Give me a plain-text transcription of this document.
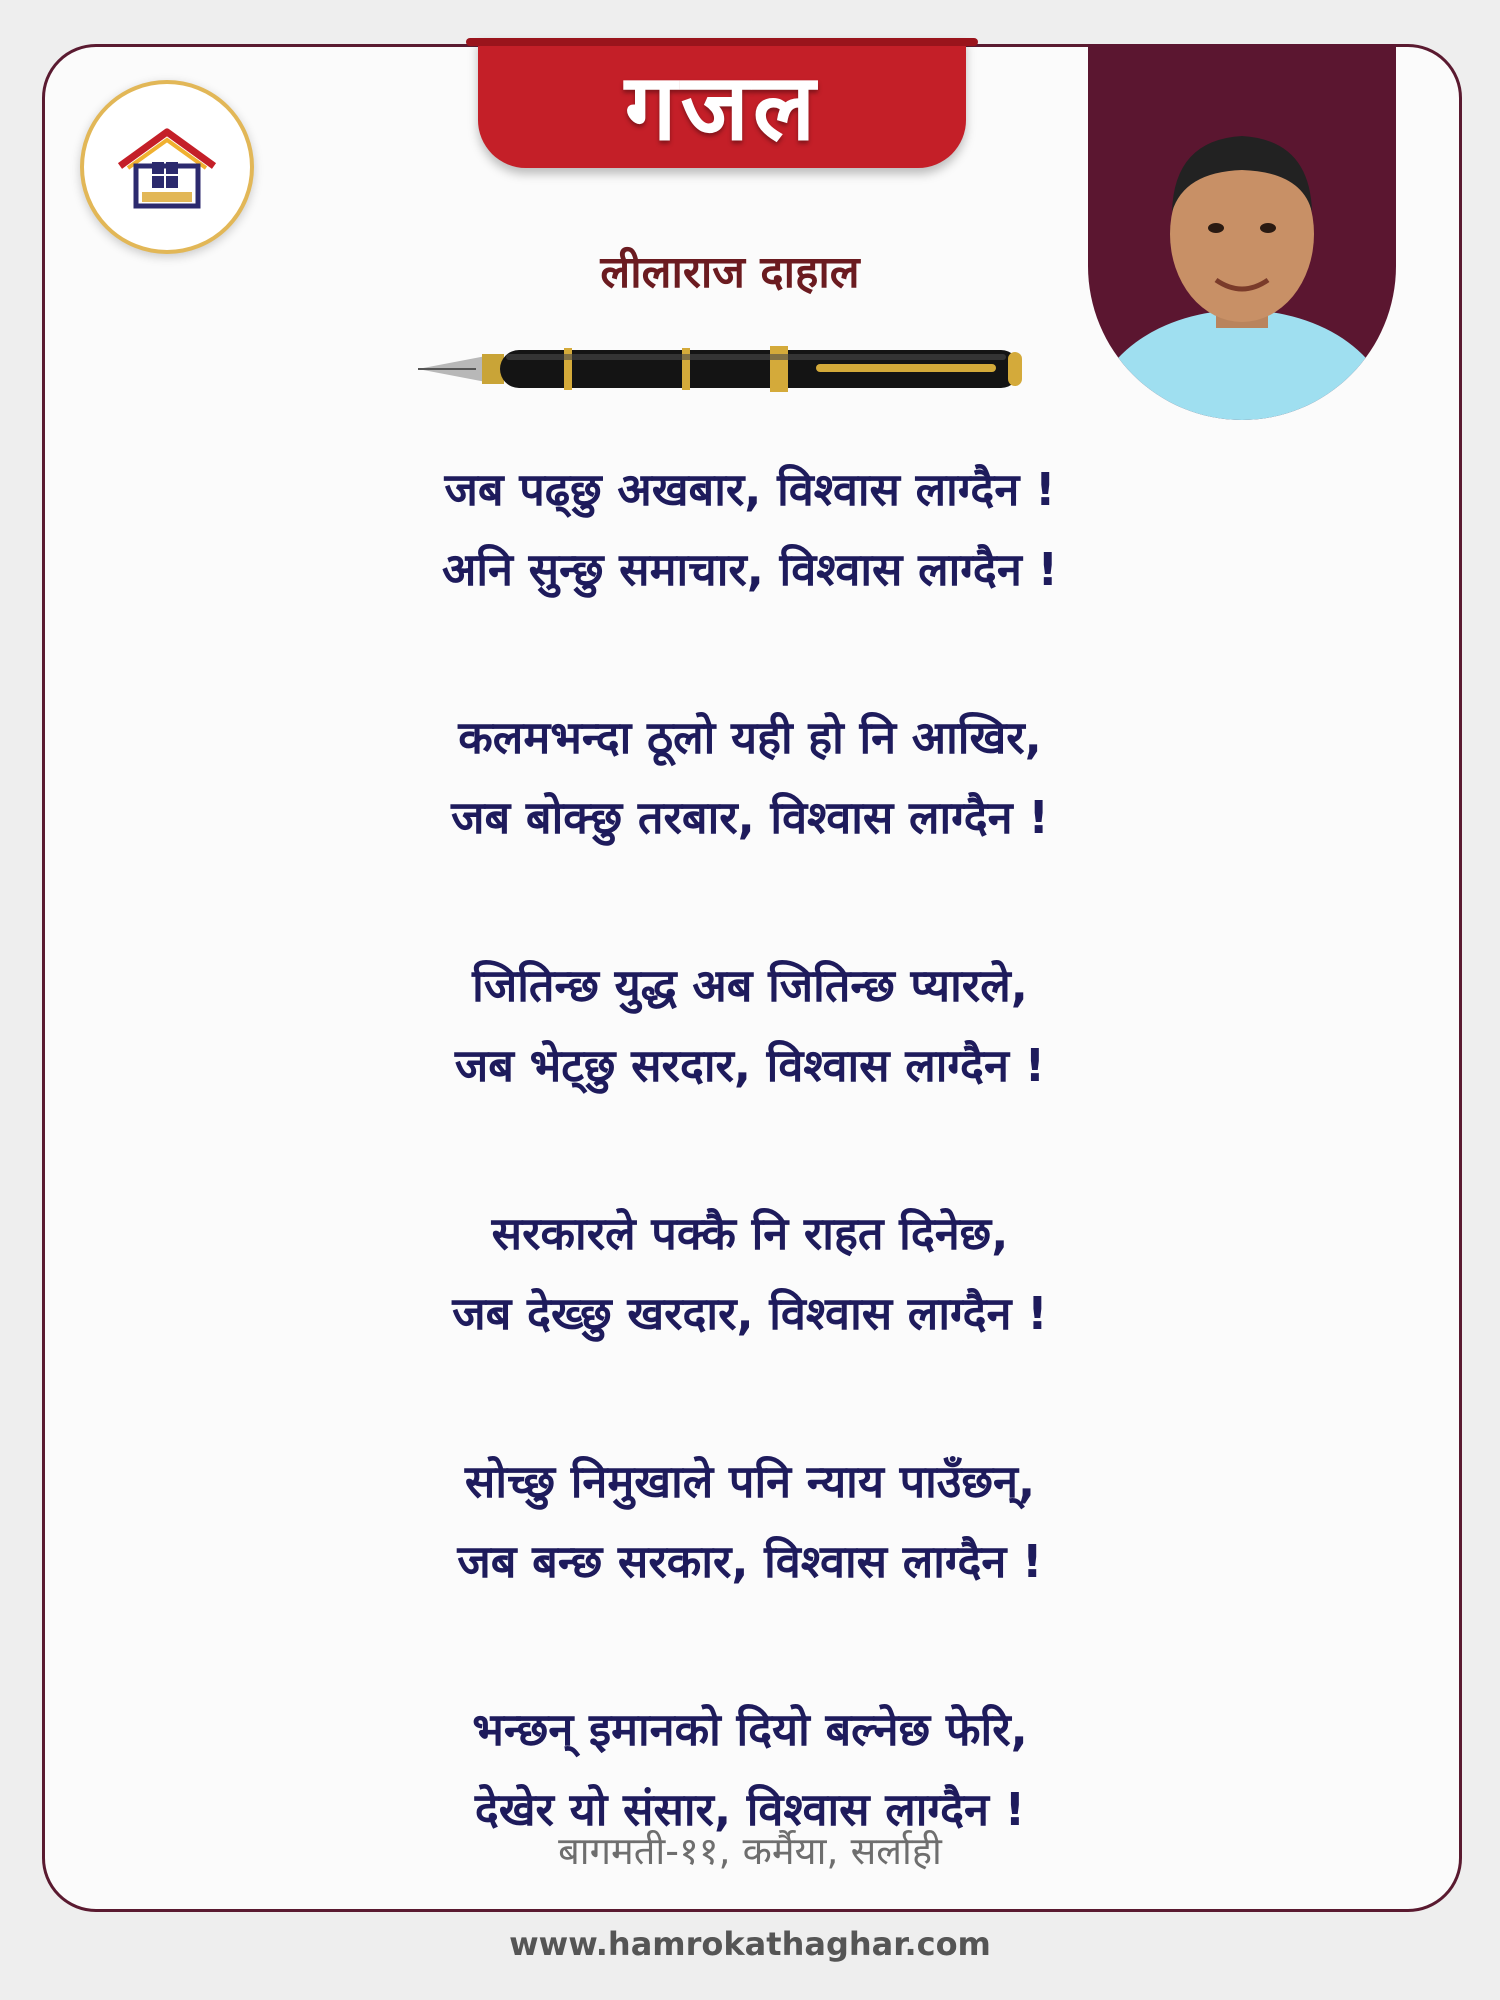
गजल
लीलाराज दाहाल
जब पढ्छु अखबार, विश्वास लाग्दैन !
अनि सुन्छु समाचार, विश्वास लाग्दैन !
कलमभन्दा ठूलो यही हो नि आखिर,
जब बोक्छु तरबार, विश्वास लाग्दैन !
जितिन्छ युद्ध अब जितिन्छ प्यारले,
जब भेट्छु सरदार, विश्वास लाग्दैन !
सरकारले पक्कै नि राहत दिनेछ,
जब देख्छु खरदार, विश्वास लाग्दैन !
सोच्छु निमुखाले पनि न्याय पाउँछन्,
जब बन्छ सरकार, विश्वास लाग्दैन !
भन्छन् इमानको दियो बल्नेछ फेरि,
देखेर यो संसार, विश्वास लाग्दैन !
बागमती-११, कर्मैया, सर्लाही
www.hamrokathaghar.com
